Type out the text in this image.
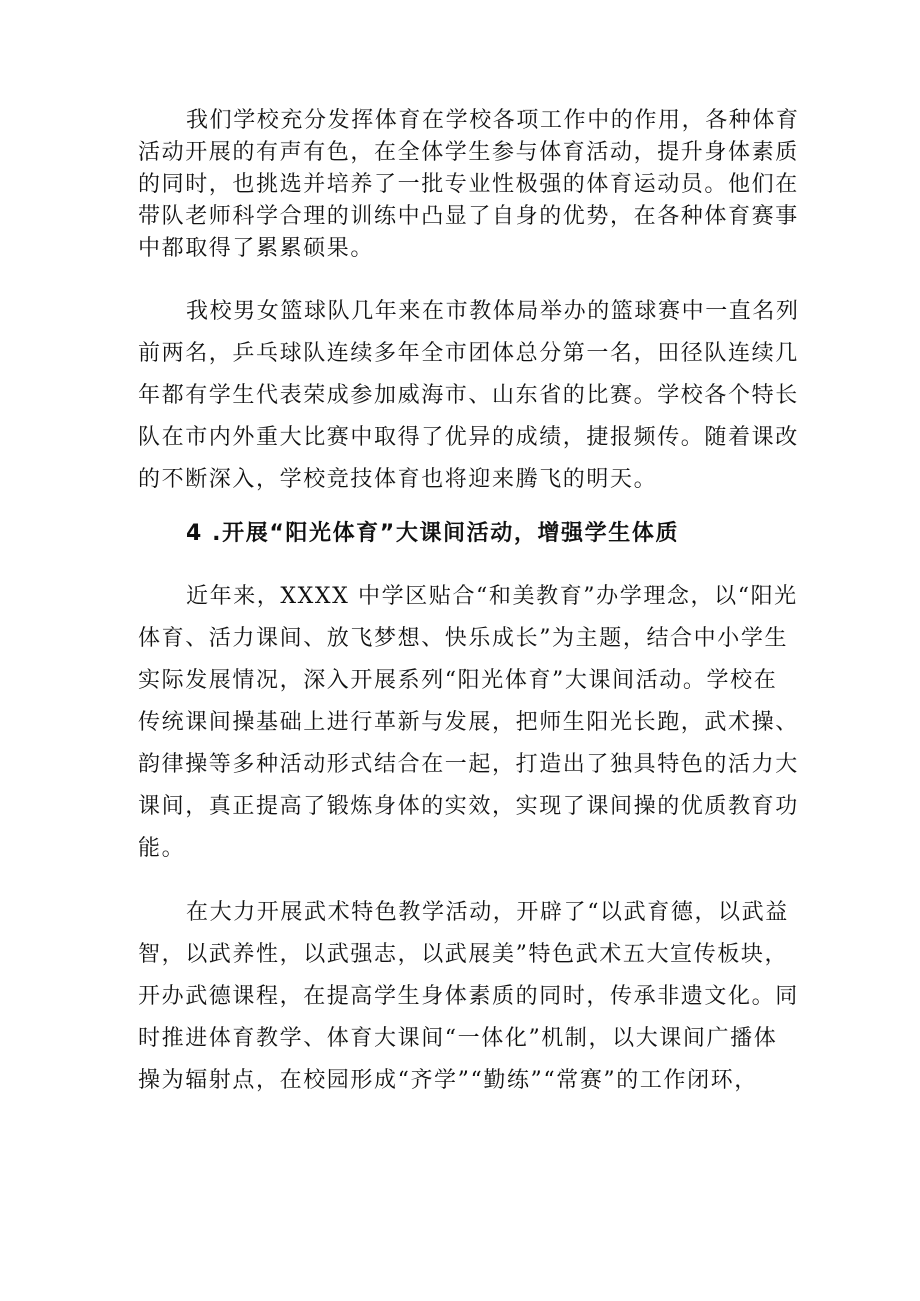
我们学校充分发挥体育在学校各项工作中的作用，各种体育
活动开展的有声有色，在全体学生参与体育活动，提升身体素质
的同时，也挑选并培养了一批专业性极强的体育运动员。他们在
带队老师科学合理的训练中凸显了自身的优势，在各种体育赛事
中都取得了累累硕果。
我校男女篮球队几年来在市教体局举办的篮球赛中一直名列
前两名，乒乓球队连续多年全市团体总分第一名，田径队连续几
年都有学生代表荣成参加威海市、山东省的比赛。学校各个特长
队在市内外重大比赛中取得了优异的成绩，捷报频传。随着课改
的不断深入，学校竞技体育也将迎来腾飞的明天。
4 .开展“阳光体育”大课间活动，增强学生体质
近年来，XXXX 中学区贴合“和美教育”办学理念，以“阳光
体育、活力课间、放飞梦想、快乐成长”为主题，结合中小学生
实际发展情况，深入开展系列“阳光体育”大课间活动。学校在
传统课间操基础上进行革新与发展，把师生阳光长跑，武术操、
韵律操等多种活动形式结合在一起，打造出了独具特色的活力大
课间，真正提高了锻炼身体的实效，实现了课间操的优质教育功
能。
在大力开展武术特色教学活动，开辟了“以武育德，以武益
智，以武养性，以武强志，以武展美”特色武术五大宣传板块，
开办武德课程，在提高学生身体素质的同时，传承非遗文化。同
时推进体育教学、体育大课间“一体化”机制，以大课间广播体
操为辐射点，在校园形成“齐学”“勤练”“常赛”的工作闭环，
